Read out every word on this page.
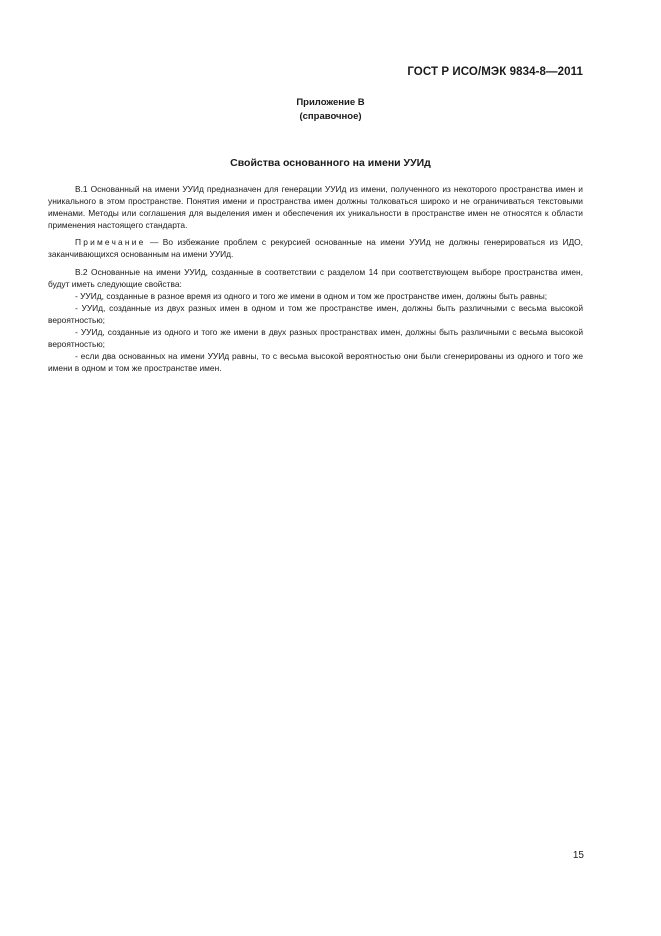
ГОСТ Р ИСО/МЭК 9834-8—2011
Приложение В
(справочное)
Свойства основанного на имени УУИд

В.1 Основанный на имени УУИд предназначен для генерации УУИд из имени, полученного из некоторого пространства имен и уникального в этом пространстве. Понятия имени и пространства имен должны толковаться широко и не ограничиваться текстовыми именами. Методы или соглашения для выделения имен и обеспечения их уникальности в пространстве имен не относятся к области применения настоящего стандарта.

Примечание — Во избежание проблем с рекурсией основанные на имени УУИд не должны генерироваться из ИДО, заканчивающихся основанным на имени УУИд.

В.2 Основанные на имени УУИд, созданные в соответствии с разделом 14 при соответствующем выборе пространства имен, будут иметь следующие свойства:

- УУИд, созданные в разное время из одного и того же имени в одном и том же пространстве имен, должны быть равны;

- УУИд, созданные из двух разных имен в одном и том же пространстве имен, должны быть различными с весьма высокой вероятностью;

- УУИд, созданные из одного и того же имени в двух разных пространствах имен, должны быть различными с весьма высокой вероятностью;

- если два основанных на имени УУИд равны, то с весьма высокой вероятностью они были сгенерированы из одного и того же имени в одном и том же пространстве имен.

15
